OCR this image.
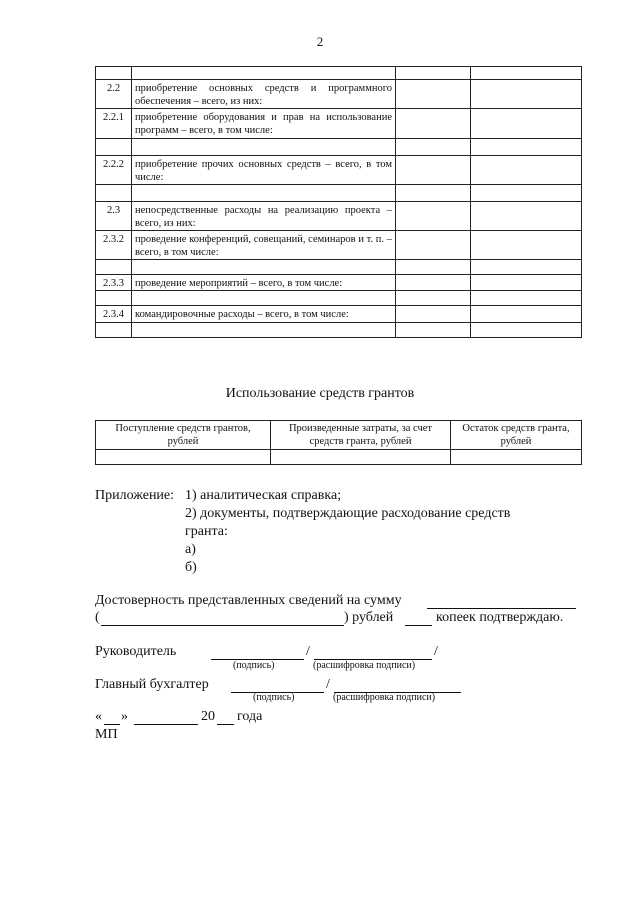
2

2.2	приобретение основных средств и программного обеспечения – всего, из них:		
2.2.1	приобретение оборудования и прав на использование программ – всего, в том числе:		

2.2.2	приобретение прочих основных средств – всего, в том числе:		

2.3	непосредственные расходы на реализацию проекта – всего, из них:		
2.3.2	проведение конференций, совещаний, семинаров и т. п. – всего, в том числе:		

2.3.3	проведение мероприятий – всего, в том числе:		

2.3.4	командировочные расходы – всего, в том числе:		

Использование средств грантов
Поступление средств грантов, рублей	Произведенные затраты, за счет средств гранта, рублей	Остаток средств гранта, рублей

Приложение: 1) аналитическая справка;
2) документы, подтверждающие расходование средств
гранта:
а)
б)
Достоверность представленных сведений на сумму
(	) рублей	копеек подтверждаю.
Руководитель	/	/
(подпись)	(расшифровка подписи)
Главный бухгалтер	/
(подпись)	(расшифровка подписи)
« »	20 года
МП
